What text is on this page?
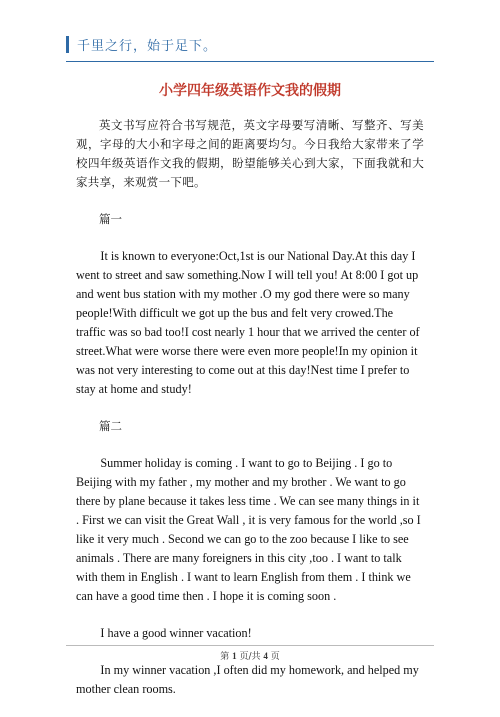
千里之行，始于足下。
小学四年级英语作文我的假期

英文书写应符合书写规范，英文字母要写清晰、写整齐、写美观，字母的大小和字母之间的距离要均匀。今日我给大家带来了学校四年级英语作文我的假期，盼望能够关心到大家，下面我就和大家共享，来观赏一下吧。

篇一

It is known to everyone:Oct,1st is our National Day.At this day I went to street and saw something.Now I will tell you! At 8:00 I got up and went bus station with my mother .O my god there were so many people!With difficult we got up the bus and felt very crowed.The traffic was so bad too!I cost nearly 1 hour that we arrived the center of street.What were worse there were even more people!In my opinion it was not very interesting to come out at this day!Nest time I prefer to stay at home and study!

篇二

Summer holiday is coming . I want to go to Beijing . I go to Beijing with my father , my mother and my brother . We want to go there by plane because it takes less time . We can see many things in it . First we can visit the Great Wall , it is very famous for the world ,so I like it very much . Second we can go to the zoo because I like to see animals . There are many foreigners in this city ,too . I want to talk with them in English . I want to learn English from them . I think we can have a good time then . I hope it is coming soon .

I have a good winner vacation!

In my winner vacation ,I often did my homework, and helped my mother clean rooms.

第 1 页/共 4 页
